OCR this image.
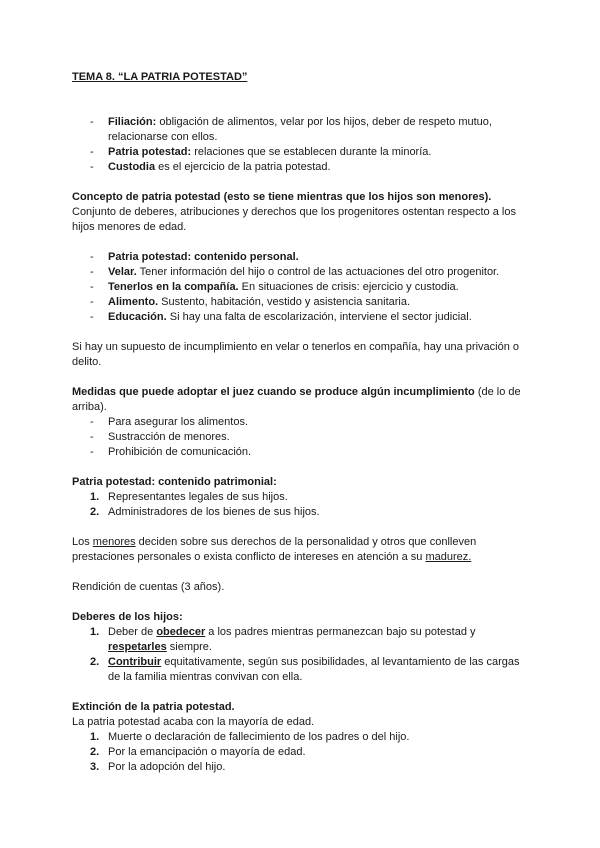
TEMA 8. “LA PATRIA POTESTAD”

- Filiación: obligación de alimentos, velar por los hijos, deber de respeto mutuo, relacionarse con ellos.
- Patria potestad: relaciones que se establecen durante la minoría.
- Custodia es el ejercicio de la patria potestad.

Concepto de patria potestad (esto se tiene mientras que los hijos son menores).

Conjunto de deberes, atribuciones y derechos que los progenitores ostentan respecto a los hijos menores de edad.

- Patria potestad: contenido personal.
- Velar. Tener información del hijo o control de las actuaciones del otro progenitor.
- Tenerlos en la compañía. En situaciones de crisis: ejercicio y custodia.
- Alimento. Sustento, habitación, vestido y asistencia sanitaria.
- Educación. Si hay una falta de escolarización, interviene el sector judicial.

Si hay un supuesto de incumplimiento en velar o tenerlos en compañía, hay una privación o delito.

Medidas que puede adoptar el juez cuando se produce algún incumplimiento (de lo de arriba).

- Para asegurar los alimentos.
- Sustracción de menores.
- Prohibición de comunicación.

Patria potestad: contenido patrimonial:

1. Representantes legales de sus hijos.
2. Administradores de los bienes de sus hijos.

Los menores deciden sobre sus derechos de la personalidad y otros que conlleven prestaciones personales o exista conflicto de intereses en atención a su madurez.

Rendición de cuentas (3 años).

Deberes de los hijos:

1. Deber de obedecer a los padres mientras permanezcan bajo su potestad y respetarles siempre.
2. Contribuir equitativamente, según sus posibilidades, al levantamiento de las cargas de la familia mientras convivan con ella.

Extinción de la patria potestad.

La patria potestad acaba con la mayoría de edad.

1. Muerte o declaración de fallecimiento de los padres o del hijo.
2. Por la emancipación o mayoría de edad.
3. Por la adopción del hijo.
